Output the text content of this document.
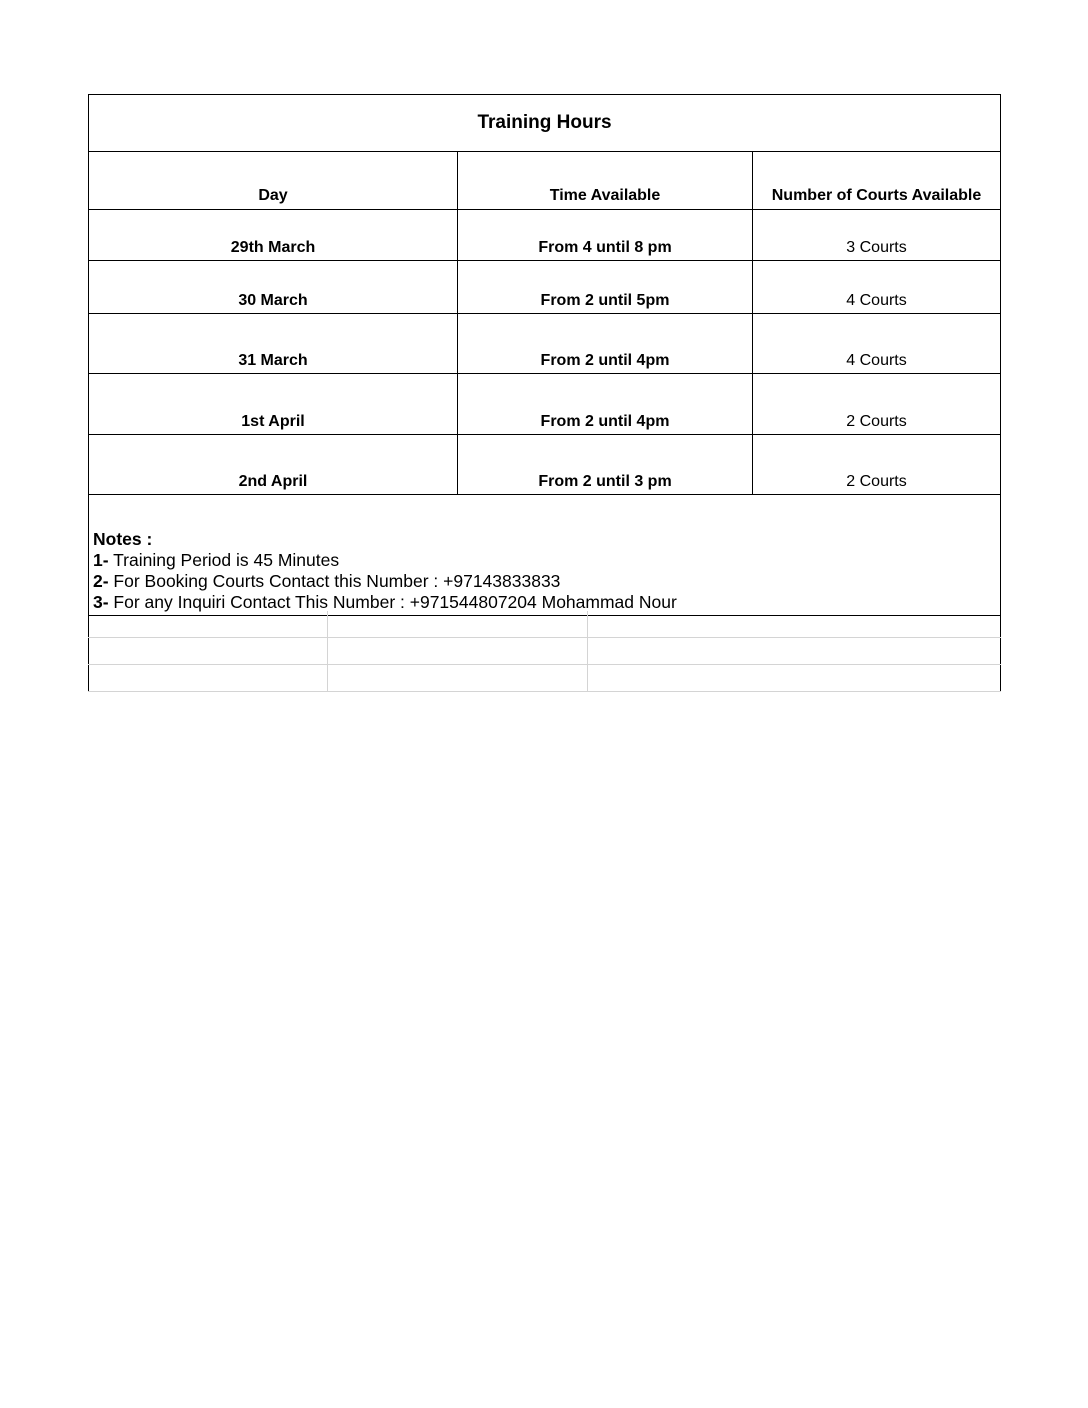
Training Hours		
Day	Time Available	Number of Courts Available
29th March	From 4 until 8 pm	3 Courts
30 March	From 2 until 5pm	4 Courts
31 March	From 2 until 4pm	4 Courts
1st April	From 2 until 4pm	2 Courts
2nd April	From 2 until 3 pm	2 Courts

Notes :
1- Training Period is 45 Minutes
2- For Booking Courts Contact this Number : +97143833833
3- For any Inquiri Contact This Number : +971544807204 Mohammad Nour		
